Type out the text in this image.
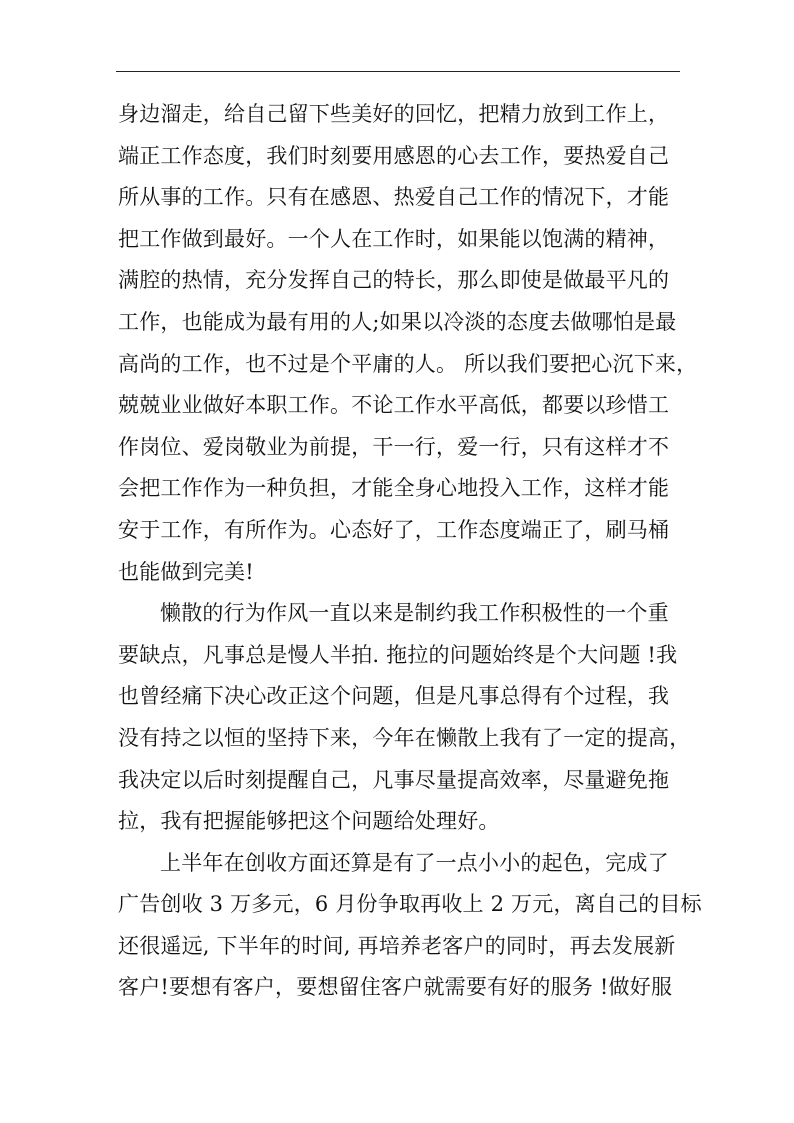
身边溜走，给自己留下些美好的回忆，把精力放到工作上，
端正工作态度，我们时刻要用感恩的心去工作，要热爱自己
所从事的工作。只有在感恩、热爱自己工作的情况下，才能
把工作做到最好。一个人在工作时，如果能以饱满的精神，
满腔的热情，充分发挥自己的特长，那么即使是做最平凡的
工作，也能成为最有用的人;如果以冷淡的态度去做哪怕是最
高尚的工作，也不过是个平庸的人。 所以我们要把心沉下来，
兢兢业业做好本职工作。不论工作水平高低，都要以珍惜工
作岗位、爱岗敬业为前提，干一行，爱一行，只有这样才不
会把工作作为一种负担，才能全身心地投入工作，这样才能
安于工作，有所作为。心态好了，工作态度端正了，刷马桶
也能做到完美!
懒散的行为作风一直以来是制约我工作积极性的一个重
要缺点，凡事总是慢人半拍. 拖拉的问题始终是个大问题 !我
也曾经痛下决心改正这个问题，但是凡事总得有个过程，我
没有持之以恒的坚持下来，今年在懒散上我有了一定的提高，
我决定以后时刻提醒自己，凡事尽量提高效率，尽量避免拖
拉，我有把握能够把这个问题给处理好。
上半年在创收方面还算是有了一点小小的起色，完成了
广告创收 3 万多元，6 月份争取再收上 2 万元，离自己的目标
还很遥远, 下半年的时间, 再培养老客户的同时，再去发展新
客户!要想有客户，要想留住客户就需要有好的服务 !做好服
